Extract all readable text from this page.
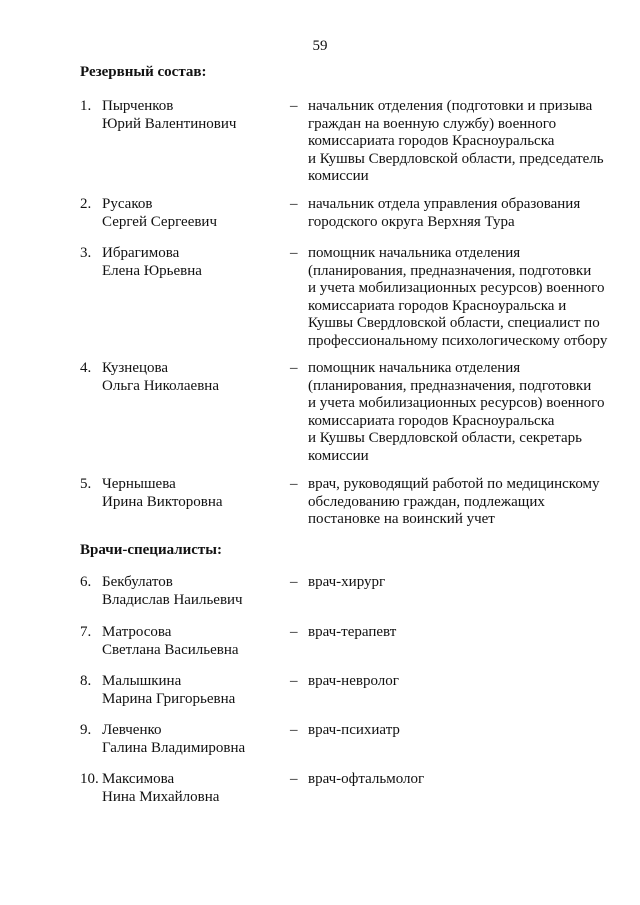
59
Резервный состав:
1. Пырченков
Юрий Валентинович
– начальник отделения (подготовки и призыва
граждан на военную службу) военного
комиссариата городов Красноуральска
и Кушвы Свердловской области, председатель
комиссии
2. Русаков
Сергей Сергеевич
– начальник отдела управления образования
городского округа Верхняя Тура
3. Ибрагимова
Елена Юрьевна
– помощник начальника отделения
(планирования, предназначения, подготовки
и учета мобилизационных ресурсов) военного
комиссариата городов Красноуральска и
Кушвы Свердловской области, специалист по
профессиональному психологическому отбору
4. Кузнецова
Ольга Николаевна
– помощник начальника отделения
(планирования, предназначения, подготовки
и учета мобилизационных ресурсов) военного
комиссариата городов Красноуральска
и Кушвы Свердловской области, секретарь
комиссии
5. Чернышева
Ирина Викторовна
– врач, руководящий работой по медицинскому
обследованию граждан, подлежащих
постановке на воинский учет
Врачи-специалисты:
6. Бекбулатов
Владислав Наильевич
– врач-хирург
7. Матросова
Светлана Васильевна
– врач-терапевт
8. Малышкина
Марина Григорьевна
– врач-невролог
9. Левченко
Галина Владимировна
– врач-психиатр
10. Максимова
Нина Михайловна
– врач-офтальмолог
